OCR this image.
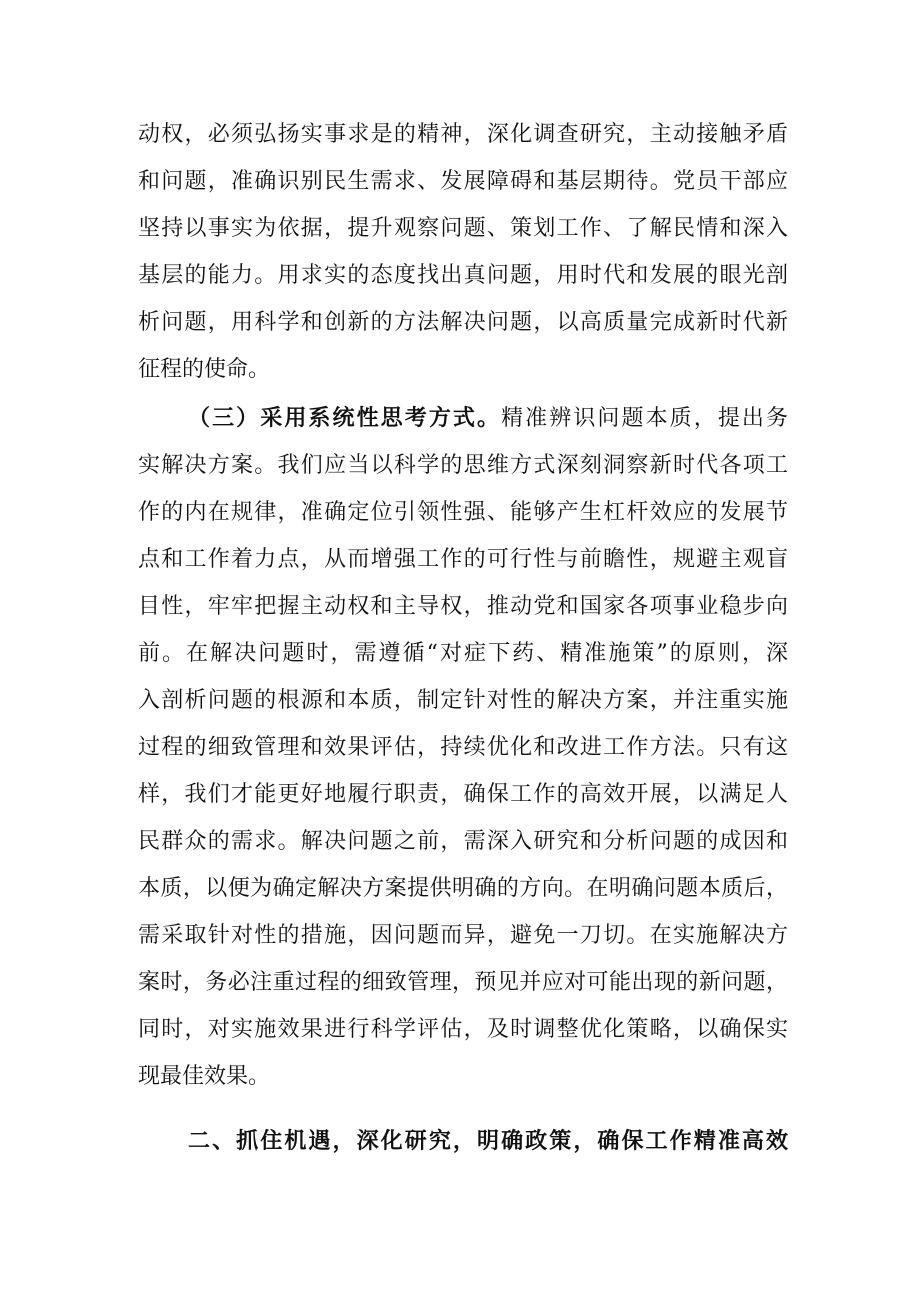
动权，必须弘扬实事求是的精神，深化调查研究，主动接触矛盾
和问题，准确识别民生需求、发展障碍和基层期待。党员干部应
坚持以事实为依据，提升观察问题、策划工作、了解民情和深入
基层的能力。用求实的态度找出真问题，用时代和发展的眼光剖
析问题，用科学和创新的方法解决问题，以高质量完成新时代新
征程的使命。
（三）采用系统性思考方式。精准辨识问题本质，提出务
实解决方案。我们应当以科学的思维方式深刻洞察新时代各项工
作的内在规律，准确定位引领性强、能够产生杠杆效应的发展节
点和工作着力点，从而增强工作的可行性与前瞻性，规避主观盲
目性，牢牢把握主动权和主导权，推动党和国家各项事业稳步向
前。在解决问题时，需遵循“对症下药、精准施策”的原则，深
入剖析问题的根源和本质，制定针对性的解决方案，并注重实施
过程的细致管理和效果评估，持续优化和改进工作方法。只有这
样，我们才能更好地履行职责，确保工作的高效开展，以满足人
民群众的需求。解决问题之前，需深入研究和分析问题的成因和
本质，以便为确定解决方案提供明确的方向。在明确问题本质后，
需采取针对性的措施，因问题而异，避免一刀切。在实施解决方
案时，务必注重过程的细致管理，预见并应对可能出现的新问题，
同时，对实施效果进行科学评估，及时调整优化策略，以确保实
现最佳效果。
二、抓住机遇，深化研究，明确政策，确保工作精准高效
